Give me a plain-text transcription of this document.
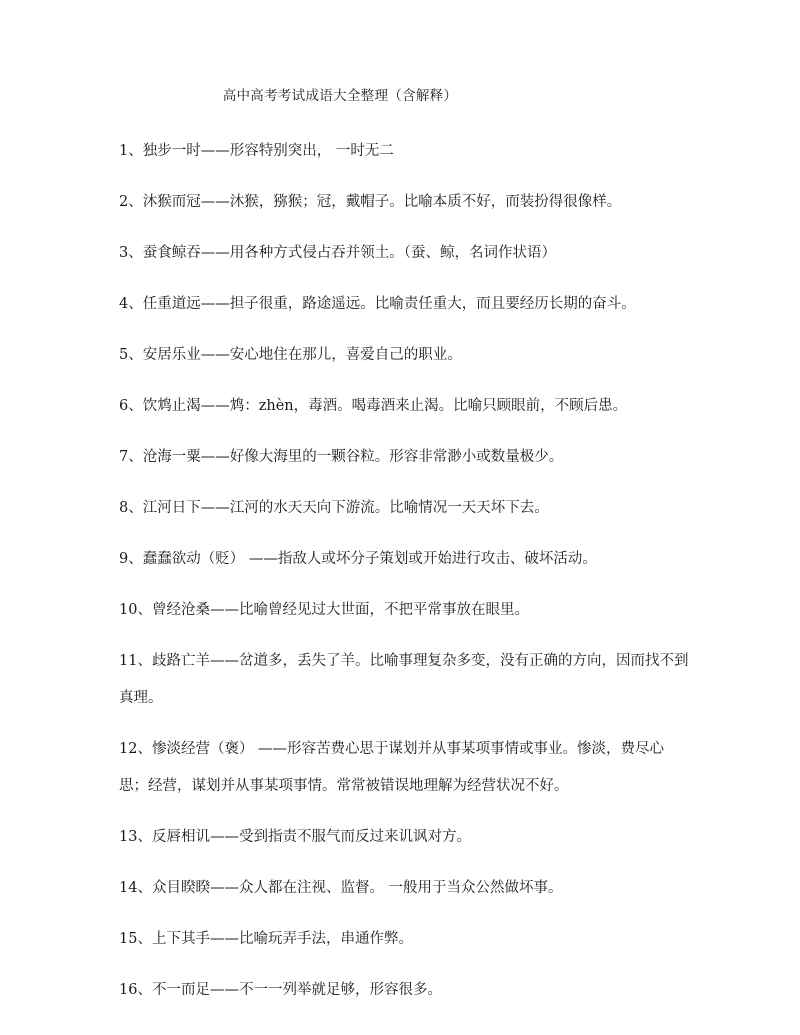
高中高考考试成语大全整理（含解释）

1、独步一时——形容特别突出， 一时无二

2、沐猴而冠——沐猴，猕猴；冠，戴帽子。比喻本质不好，而装扮得很像样。

3、蚕食鲸吞——用各种方式侵占吞并领土。（蚕、鲸，名词作状语）

4、任重道远——担子很重，路途遥远。比喻责任重大，而且要经历长期的奋斗。

5、安居乐业——安心地住在那儿，喜爱自己的职业。

6、饮鸩止渴——鸩：zhèn，毒酒。喝毒酒来止渴。比喻只顾眼前，不顾后患。

7、沧海一粟——好像大海里的一颗谷粒。形容非常渺小或数量极少。

8、江河日下——江河的水天天向下游流。比喻情况一天天坏下去。

9、蠢蠢欲动（贬） ——指敌人或坏分子策划或开始进行攻击、破坏活动。

10、曾经沧桑——比喻曾经见过大世面，不把平常事放在眼里。

11、歧路亡羊——岔道多，丢失了羊。比喻事理复杂多变，没有正确的方向，因而找不到真理。

12、惨淡经营（褒） ——形容苦费心思于谋划并从事某项事情或事业。惨淡，费尽心思；经营，谋划并从事某项事情。常常被错误地理解为经营状况不好。

13、反唇相讥——受到指责不服气而反过来讥讽对方。

14、众目睽睽——众人都在注视、监督。 一般用于当众公然做坏事。

15、上下其手——比喻玩弄手法，串通作弊。

16、不一而足——不一一列举就足够，形容很多。
